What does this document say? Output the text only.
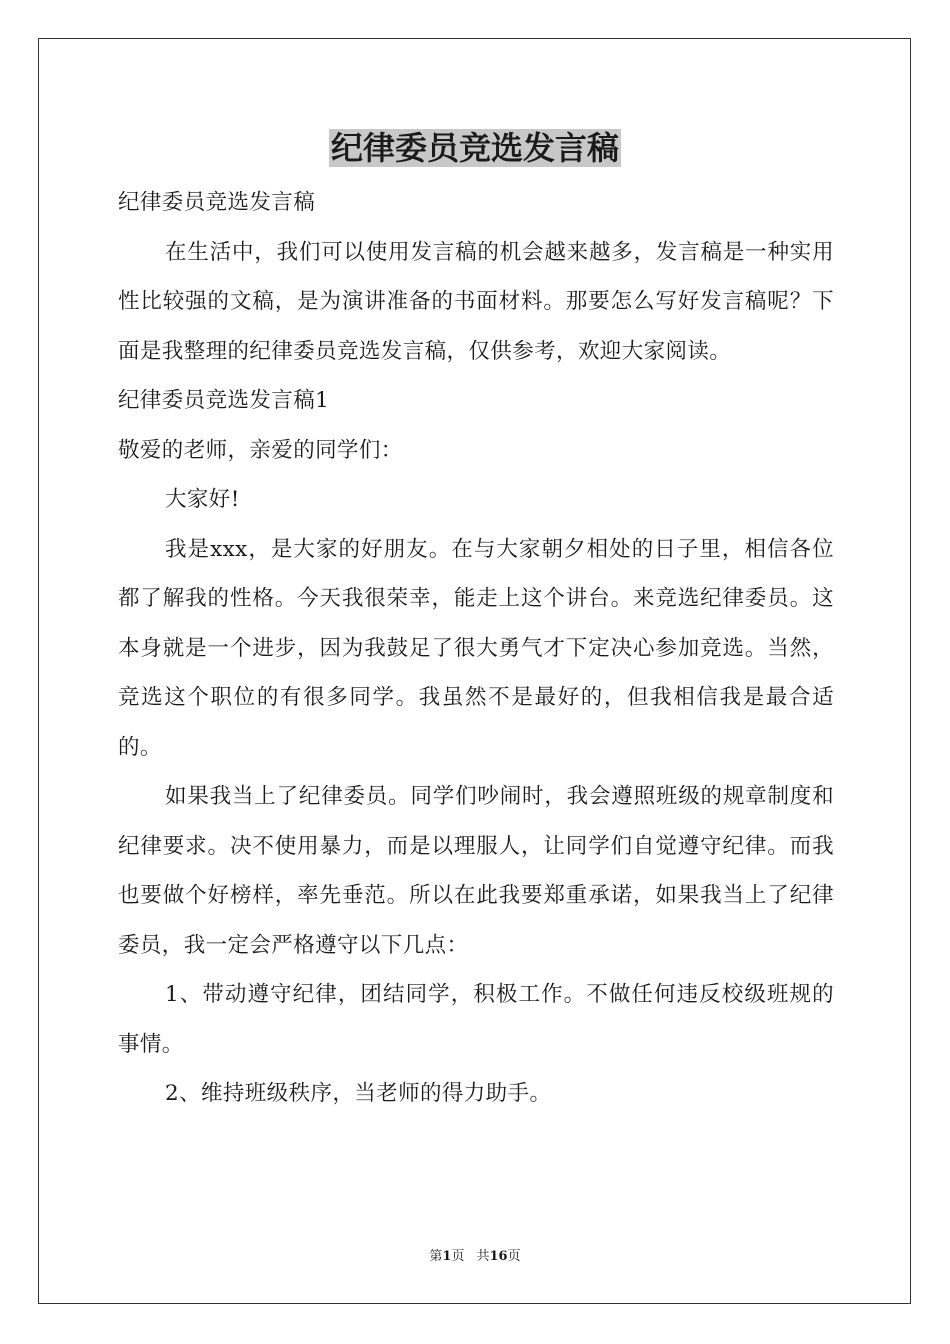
纪律委员竞选发言稿

纪律委员竞选发言稿

在生活中，我们可以使用发言稿的机会越来越多，发言稿是一种实用性比较强的文稿，是为演讲准备的书面材料。那要怎么写好发言稿呢？下面是我整理的纪律委员竞选发言稿，仅供参考，欢迎大家阅读。

纪律委员竞选发言稿1

敬爱的老师，亲爱的同学们：

大家好!

我是xxx，是大家的好朋友。在与大家朝夕相处的日子里，相信各位都了解我的性格。今天我很荣幸，能走上这个讲台。来竞选纪律委员。这本身就是一个进步，因为我鼓足了很大勇气才下定决心参加竞选。当然，竞选这个职位的有很多同学。我虽然不是最好的，但我相信我是最合适的。

如果我当上了纪律委员。同学们吵闹时，我会遵照班级的规章制度和纪律要求。决不使用暴力，而是以理服人，让同学们自觉遵守纪律。而我也要做个好榜样，率先垂范。所以在此我要郑重承诺，如果我当上了纪律委员，我一定会严格遵守以下几点：

1、带动遵守纪律，团结同学，积极工作。不做任何违反校级班规的事情。

2、维持班级秩序，当老师的得力助手。

第1页 共16页
